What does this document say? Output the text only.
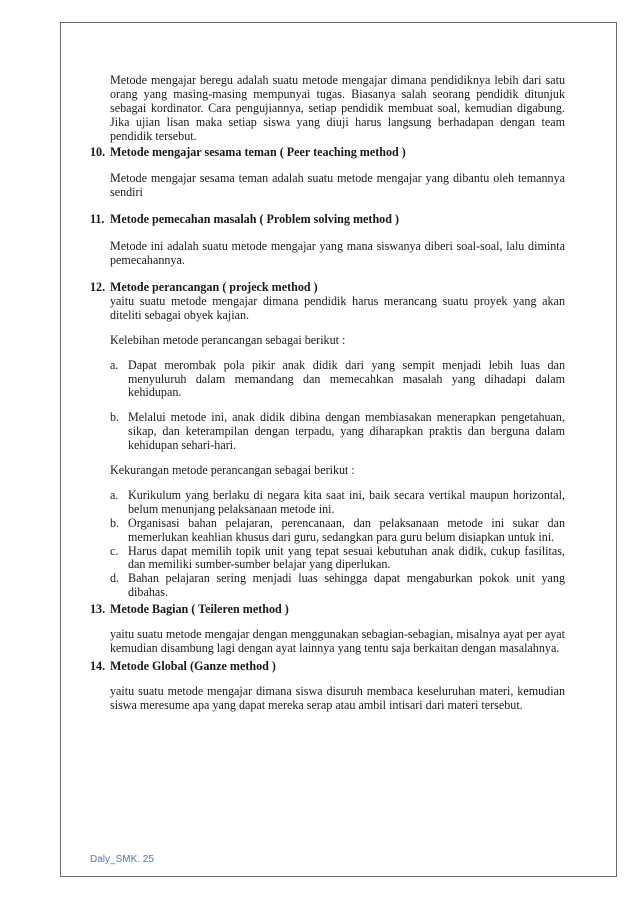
Metode mengajar beregu adalah suatu metode mengajar dimana pendidiknya lebih dari satu orang yang masing-masing mempunyai tugas. Biasanya salah seorang pendidik ditunjuk sebagai kordinator. Cara pengujiannya, setiap pendidik membuat soal, kemudian digabung. Jika ujian lisan maka setiap siswa yang diuji harus langsung berhadapan dengan team pendidik tersebut.

10. Metode mengajar sesama teman ( Peer teaching method )

Metode mengajar sesama teman adalah suatu metode mengajar yang dibantu oleh temannya sendiri

11. Metode pemecahan masalah ( Problem solving method )

Metode ini adalah suatu metode mengajar yang mana siswanya diberi soal-soal, lalu diminta pemecahannya.

12. Metode perancangan ( projeck method )

yaitu suatu metode mengajar dimana pendidik harus merancang suatu proyek yang akan diteliti sebagai obyek kajian.

Kelebihan metode perancangan sebagai berikut :

a. Dapat merombak pola pikir anak didik dari yang sempit menjadi lebih luas dan menyuluruh dalam memandang dan memecahkan masalah yang dihadapi dalam kehidupan.
b. Melalui metode ini, anak didik dibina dengan membiasakan menerapkan pengetahuan, sikap, dan keterampilan dengan terpadu, yang diharapkan praktis dan berguna dalam kehidupan sehari-hari.

Kekurangan metode perancangan sebagai berikut :

a. Kurikulum yang berlaku di negara kita saat ini, baik secara vertikal maupun horizontal, belum menunjang pelaksanaan metode ini.
b. Organisasi bahan pelajaran, perencanaan, dan pelaksanaan metode ini sukar dan memerlukan keahlian khusus dari guru, sedangkan para guru belum disiapkan untuk ini.
c. Harus dapat memilih topik unit yang tepat sesuai kebutuhan anak didik, cukup fasilitas, dan memiliki sumber-sumber belajar yang diperlukan.
d. Bahan pelajaran sering menjadi luas sehingga dapat mengaburkan pokok unit yang dibahas.

13. Metode Bagian ( Teileren method )

yaitu suatu metode mengajar dengan menggunakan sebagian-sebagian, misalnya ayat per ayat kemudian disambung lagi dengan ayat lainnya yang tentu saja berkaitan dengan masalahnya.

14. Metode Global (Ganze method )

yaitu suatu metode mengajar dimana siswa disuruh membaca keseluruhan materi, kemudian siswa meresume apa yang dapat mereka serap atau ambil intisari dari materi tersebut.

Daly_SMK. 25
